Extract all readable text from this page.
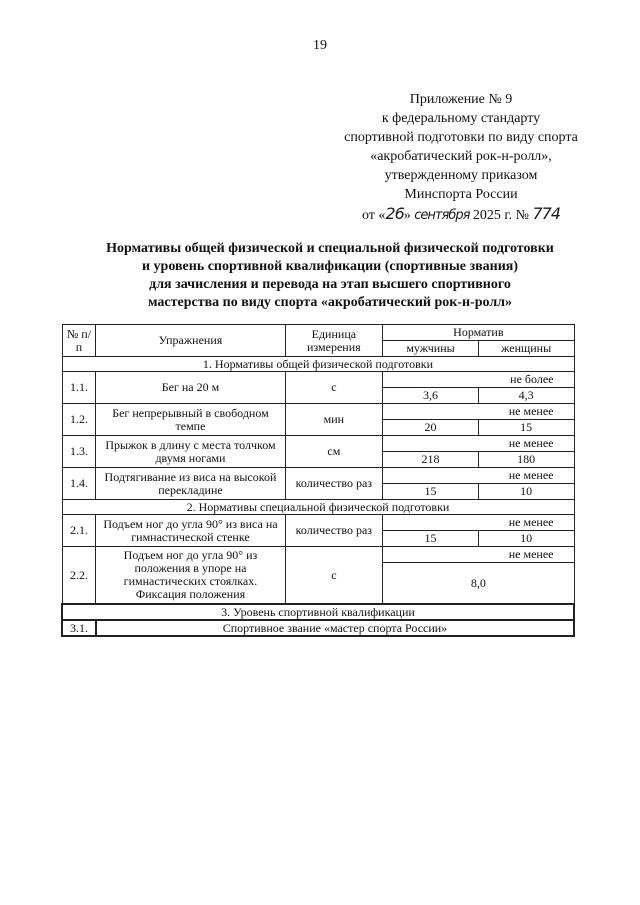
19
Приложение № 9
к федеральному стандарту
спортивной подготовки по виду спорта
«акробатический рок-н-ролл»,
утвержденному приказом
Минспорта России
от «26» сентября 2025 г. № 774
Нормативы общей физической и специальной физической подготовки
и уровень спортивной квалификации (спортивные звания)
для зачисления и перевода на этап высшего спортивного
мастерства по виду спорта «акробатический рок-н-ролл»
№ п/п	Упражнения	Единица измерения	Норматив	
			мужчины	женщины
1. Нормативы общей физической подготовки				
1.1.	Бег на 20 м	с	не более	
			3,6	4,3
1.2.	Бег непрерывный в свободном темпе	мин	не менее	
			20	15
1.3.	Прыжок в длину с места толчком двумя ногами	см	не менее	
			218	180
1.4.	Подтягивание из виса на высокой перекладине	количество раз	не менее	
			15	10
2. Нормативы специальной физической подготовки				
2.1.	Подъем ног до угла 90° из виса на гимнастической стенке	количество раз	не менее	
			15	10
2.2.	Подъем ног до угла 90° из положения в упоре на гимнастических стоялках. Фиксация положения	с	не менее	
			8,0	
3. Уровень спортивной квалификации				
3.1.	Спортивное звание «мастер спорта России»			
